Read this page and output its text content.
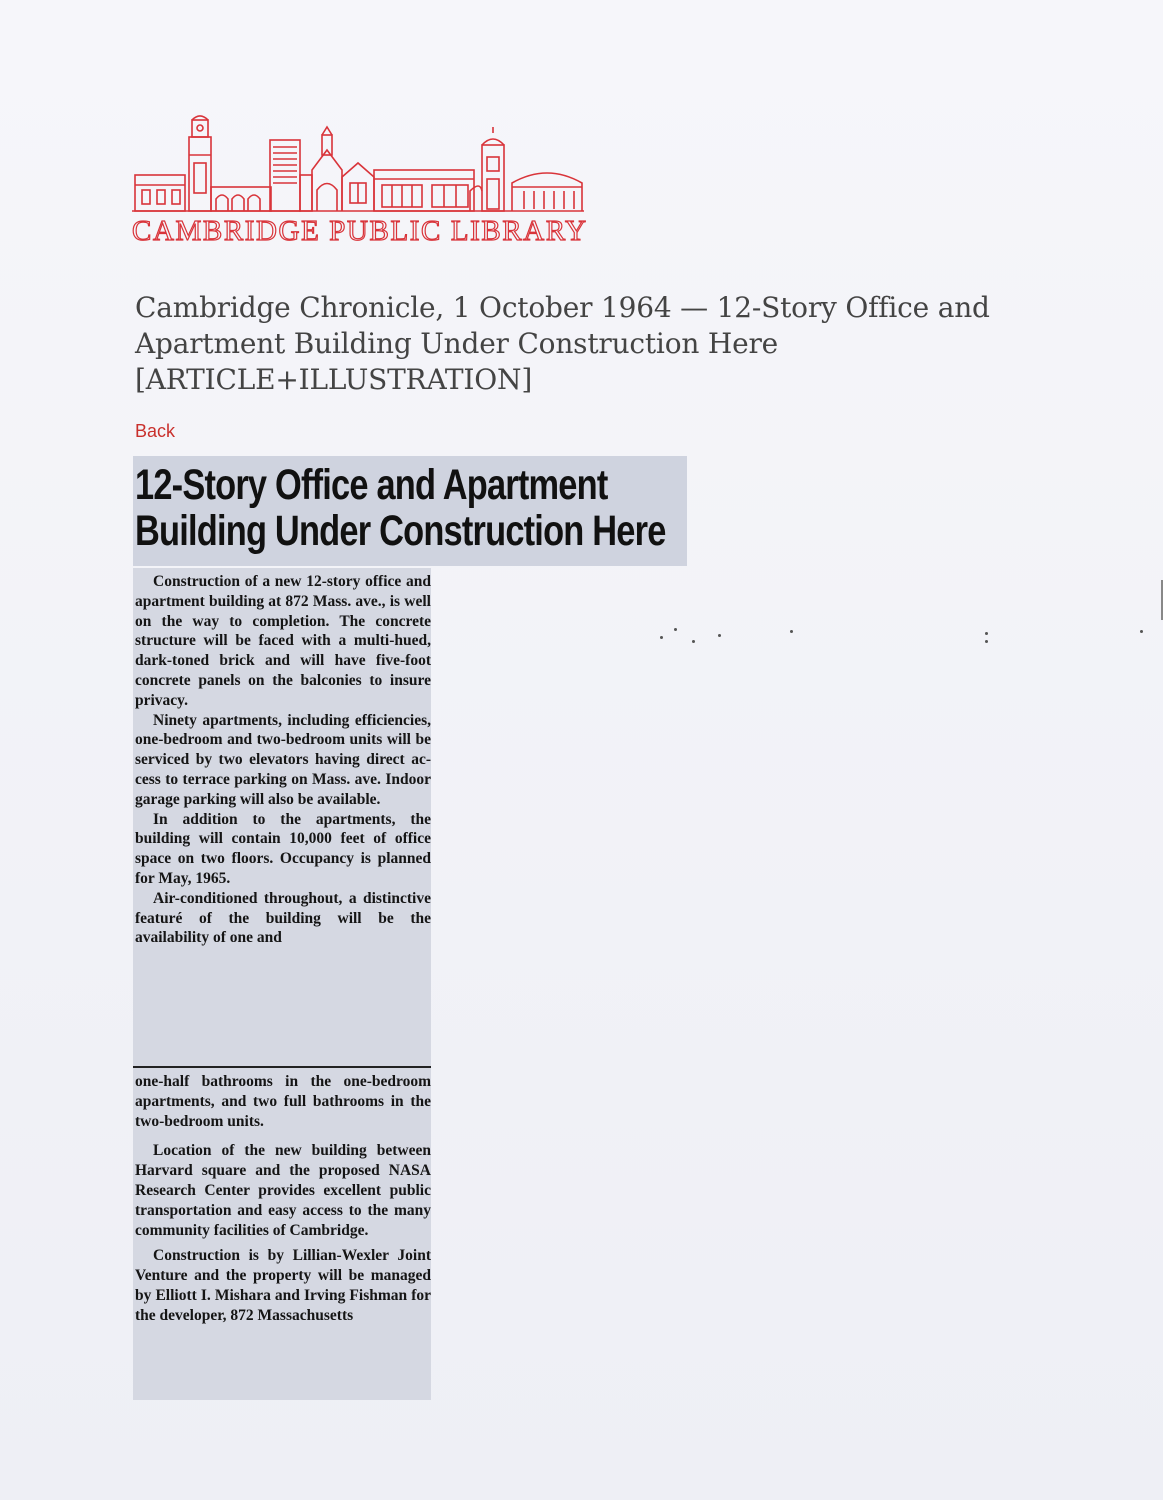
CAMBRIDGE PUBLIC LIBRARY
Cambridge Chronicle, 1 October 1964 — 12-Story Office and Apartment Building Under Construction Here [ARTICLE+ILLUSTRATION]
Back
12-Story Office and Apartment
Building Under Construction Here

Construction of a new 12-story office and apartment building at 872 Mass. ave., is well on the way to completion. The concrete structure will be faced with a multi-hued, dark-toned brick and will have five-foot concrete panels on the balconies to insure privacy.

Ninety apartments, including efficiencies, one-bedroom and two-bedroom units will be serviced by two elevators having direct access to terrace parking on Mass. ave. Indoor garage parking will also be available.

In addition to the apartments, the building will contain 10,000 feet of office space on two floors. Occupancy is planned for May, 1965.

Air-conditioned throughout, a distinctive featuré of the building will be the availability of one and

one-half bathrooms in the one-bedroom apartments, and two full bathrooms in the two-bedroom units.

Location of the new building between Harvard square and the proposed NASA Research Center provides excellent public transportation and easy access to the many community facilities of Cambridge.

Construction is by Lillian-Wexler Joint Venture and the property will be managed by Elliott I. Mishara and Irving Fishman for the developer, 872 Massachusetts
